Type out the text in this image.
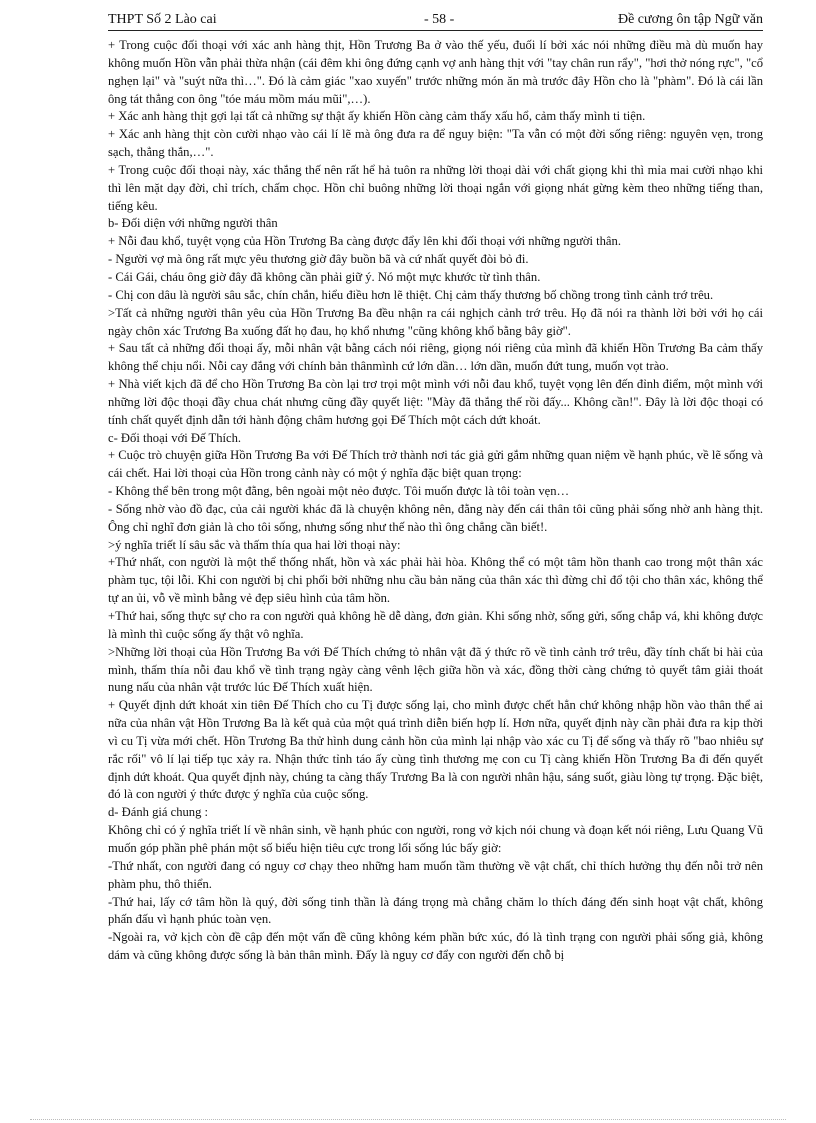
THPT Số 2 Lào cai	- 58 -	Đề cương ôn tập Ngữ văn

+ Trong cuộc đối thoại với xác anh hàng thịt, Hồn Trương Ba ở vào thế yếu, đuối lí bởi xác nói những điều mà dù muốn hay không muốn Hồn vẫn phải thừa nhận (cái đêm khi ông đứng cạnh vợ anh hàng thịt với "tay chân run rẩy", "hơi thở nóng rực", "cổ nghẹn lại" và "suýt nữa thì…". Đó là cảm giác "xao xuyến" trước những món ăn mà trước đây Hồn cho là "phàm". Đó là cái lần ông tát thẳng con ông "tóe máu mồm máu mũi",…).

+ Xác anh hàng thịt gợi lại tất cả những sự thật ấy khiến Hồn càng cảm thấy xấu hổ, cảm thấy mình ti tiện.

+ Xác anh hàng thịt còn cười nhạo vào cái lí lẽ mà ông đưa ra để nguy biện: "Ta vẫn có một đời sống riêng: nguyên vẹn, trong sạch, thẳng thắn,…".

+ Trong cuộc đối thoại này, xác thắng thế nên rất hể hả tuôn ra những lời thoại dài với chất giọng khi thì mỉa mai cười nhạo khi thì lên mặt dạy đời, chỉ trích, chấm chọc. Hồn chỉ buông những lời thoại ngắn với giọng nhát gừng kèm theo những tiếng than, tiếng kêu.

b- Đối diện với những người thân

+ Nỗi đau khổ, tuyệt vọng của Hồn Trương Ba càng được đẩy lên khi đối thoại với những người thân.

- Người vợ mà ông rất mực yêu thương giờ đây buồn bã và cứ nhất quyết đòi bỏ đi.

- Cái Gái, cháu ông giờ đây đã không cần phải giữ ý. Nó một mực khước từ tình thân.

- Chị con dâu là người sâu sắc, chín chắn, hiểu điều hơn lẽ thiệt. Chị cảm thấy thương bố chồng trong tình cảnh trớ trêu.

>Tất cả những người thân yêu của Hồn Trương Ba đều nhận ra cái nghịch cảnh trớ trêu. Họ đã nói ra thành lời bởi với họ cái ngày chôn xác Trương Ba xuống đất họ đau, họ khổ nhưng "cũng không khổ bằng bây giờ".

+ Sau tất cả những đối thoại ấy, mỗi nhân vật bằng cách nói riêng, giọng nói riêng của mình đã khiến Hồn Trương Ba cảm thấy không thể chịu nổi. Nỗi cay đắng với chính bản thânmình cứ lớn dần… lớn dần, muốn đứt tung, muốn vọt trào.

+ Nhà viết kịch đã để cho Hồn Trương Ba còn lại trơ trọi một mình với nỗi đau khổ, tuyệt vọng lên đến đỉnh điểm, một mình với những lời độc thoại đầy chua chát nhưng cũng đầy quyết liệt: "Mày đã thắng thế rồi đấy... Không cần!". Đây là lời độc thoại có tính chất quyết định dẫn tới hành động châm hương gọi Đế Thích một cách dứt khoát.

c- Đối thoại với Đế Thích.

+ Cuộc trò chuyện giữa Hồn Trương Ba với Đế Thích trở thành nơi tác giả gửi gắm những quan niệm về hạnh phúc, về lẽ sống và cái chết. Hai lời thoại của Hồn trong cảnh này có một ý nghĩa đặc biệt quan trọng:

- Không thể bên trong một đằng, bên ngoài một nẻo được. Tôi muốn được là tôi toàn vẹn…

- Sống nhờ vào đồ đạc, của cải người khác đã là chuyện không nên, đằng này đến cái thân tôi cũng phải sống nhờ anh hàng thịt. Ông chỉ nghĩ đơn giản là cho tôi sống, nhưng sống như thế nào thì ông chẳng cần biết!.

>ý nghĩa triết lí sâu sắc và thấm thía qua hai lời thoại này:

+Thứ nhất, con người là một thể thống nhất, hồn và xác phải hài hòa. Không thể có một tâm hồn thanh cao trong một thân xác phàm tục, tội lỗi. Khi con người bị chi phối bởi những nhu cầu bản năng của thân xác thì đừng chỉ đổ tội cho thân xác, không thể tự an ủi, vỗ về mình bằng vẻ đẹp siêu hình của tâm hồn.

+Thứ hai, sống thực sự cho ra con người quả không hề dễ dàng, đơn giản. Khi sống nhờ, sống gửi, sống chắp vá, khi không được là mình thì cuộc sống ấy thật vô nghĩa.

>Những lời thoại của Hồn Trương Ba với Đế Thích chứng tỏ nhân vật đã ý thức rõ về tình cảnh trớ trêu, đầy tính chất bi hài của mình, thấm thía nỗi đau khổ về tình trạng ngày càng vênh lệch giữa hồn và xác, đồng thời càng chứng tỏ quyết tâm giải thoát nung nấu của nhân vật trước lúc Đế Thích xuất hiện.

+ Quyết định dứt khoát xin tiên Đế Thích cho cu Tị được sống lại, cho mình được chết hẳn chứ không nhập hồn vào thân thể ai nữa của nhân vật Hồn Trương Ba là kết quả của một quá trình diễn biến hợp lí. Hơn nữa, quyết định này cần phải đưa ra kịp thời vì cu Tị vừa mới chết. Hồn Trương Ba thử hình dung cảnh hồn của mình lại nhập vào xác cu Tị để sống và thấy rõ "bao nhiêu sự rắc rối" vô lí lại tiếp tục xảy ra. Nhận thức tỉnh táo ấy cùng tình thương mẹ con cu Tị càng khiến Hồn Trương Ba đi đến quyết định dứt khoát. Qua quyết định này, chúng ta càng thấy Trương Ba là con người nhân hậu, sáng suốt, giàu lòng tự trọng. Đặc biệt, đó là con người ý thức được ý nghĩa của cuộc sống.

d- Đánh giá chung :

Không chỉ có ý nghĩa triết lí về nhân sinh, về hạnh phúc con người, rong vở kịch nói chung và đoạn kết nói riêng, Lưu Quang Vũ muốn góp phần phê phán một số biểu hiện tiêu cực trong lối sống lúc bấy giờ:

-Thứ nhất, con người đang có nguy cơ chạy theo những ham muốn tầm thường về vật chất, chỉ thích hưởng thụ đến nỗi trở nên phàm phu, thô thiển.

-Thứ hai, lấy cớ tâm hồn là quý, đời sống tinh thần là đáng trọng mà chẳng chăm lo thích đáng đến sinh hoạt vật chất, không phấn đấu vì hạnh phúc toàn vẹn.

-Ngoài ra, vở kịch còn đề cập đến một vấn đề cũng không kém phần bức xúc, đó là tình trạng con người phải sống giả, không dám và cũng không được sống là bản thân mình. Đấy là nguy cơ đẩy con người đến chỗ bị
